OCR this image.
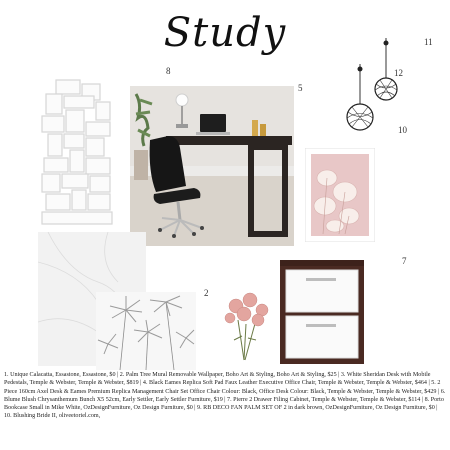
Study
8
5
11
12
10
2
7
1. Unique Calacatta, Essastone, Essastone, $0 | 2. Palm Tree Mural Removable Wallpaper, Boho Art & Styling, Boho Art & Styling, $25 | 3. White Sheridan Desk with Mobile Pedestals, Temple & Webster, Temple & Webster, $819 | 4. Black Eames Replica Soft Pad Faux Leather Executive Office Chair, Temple & Webster, Temple & Webster, $464 | 5. 2 Piece 160cm Axel Desk & Eames Premium Replica Management Chair Set Office Chair Colour: Black, Office Desk Colour: Black, Temple & Webster, Temple & Webster, $429 | 6. Blume Blush Chrysanthemum Bunch X5 52cm, Early Settler, Early Settler Furniture, $19 | 7. Pierre 2 Drawer Filing Cabinet, Temple & Webster, Temple & Webster, $114 | 8. Porto Bookcase Small in Mike White, OzDesignFurniture, Oz Design Furniture, $0 | 9. RB DECO FAN PALM SET OF 2 in dark brown, OzDesignFurniture, Oz Design Furniture, $0 | 10. Blushing Bride II, oliveetoriel.com,
